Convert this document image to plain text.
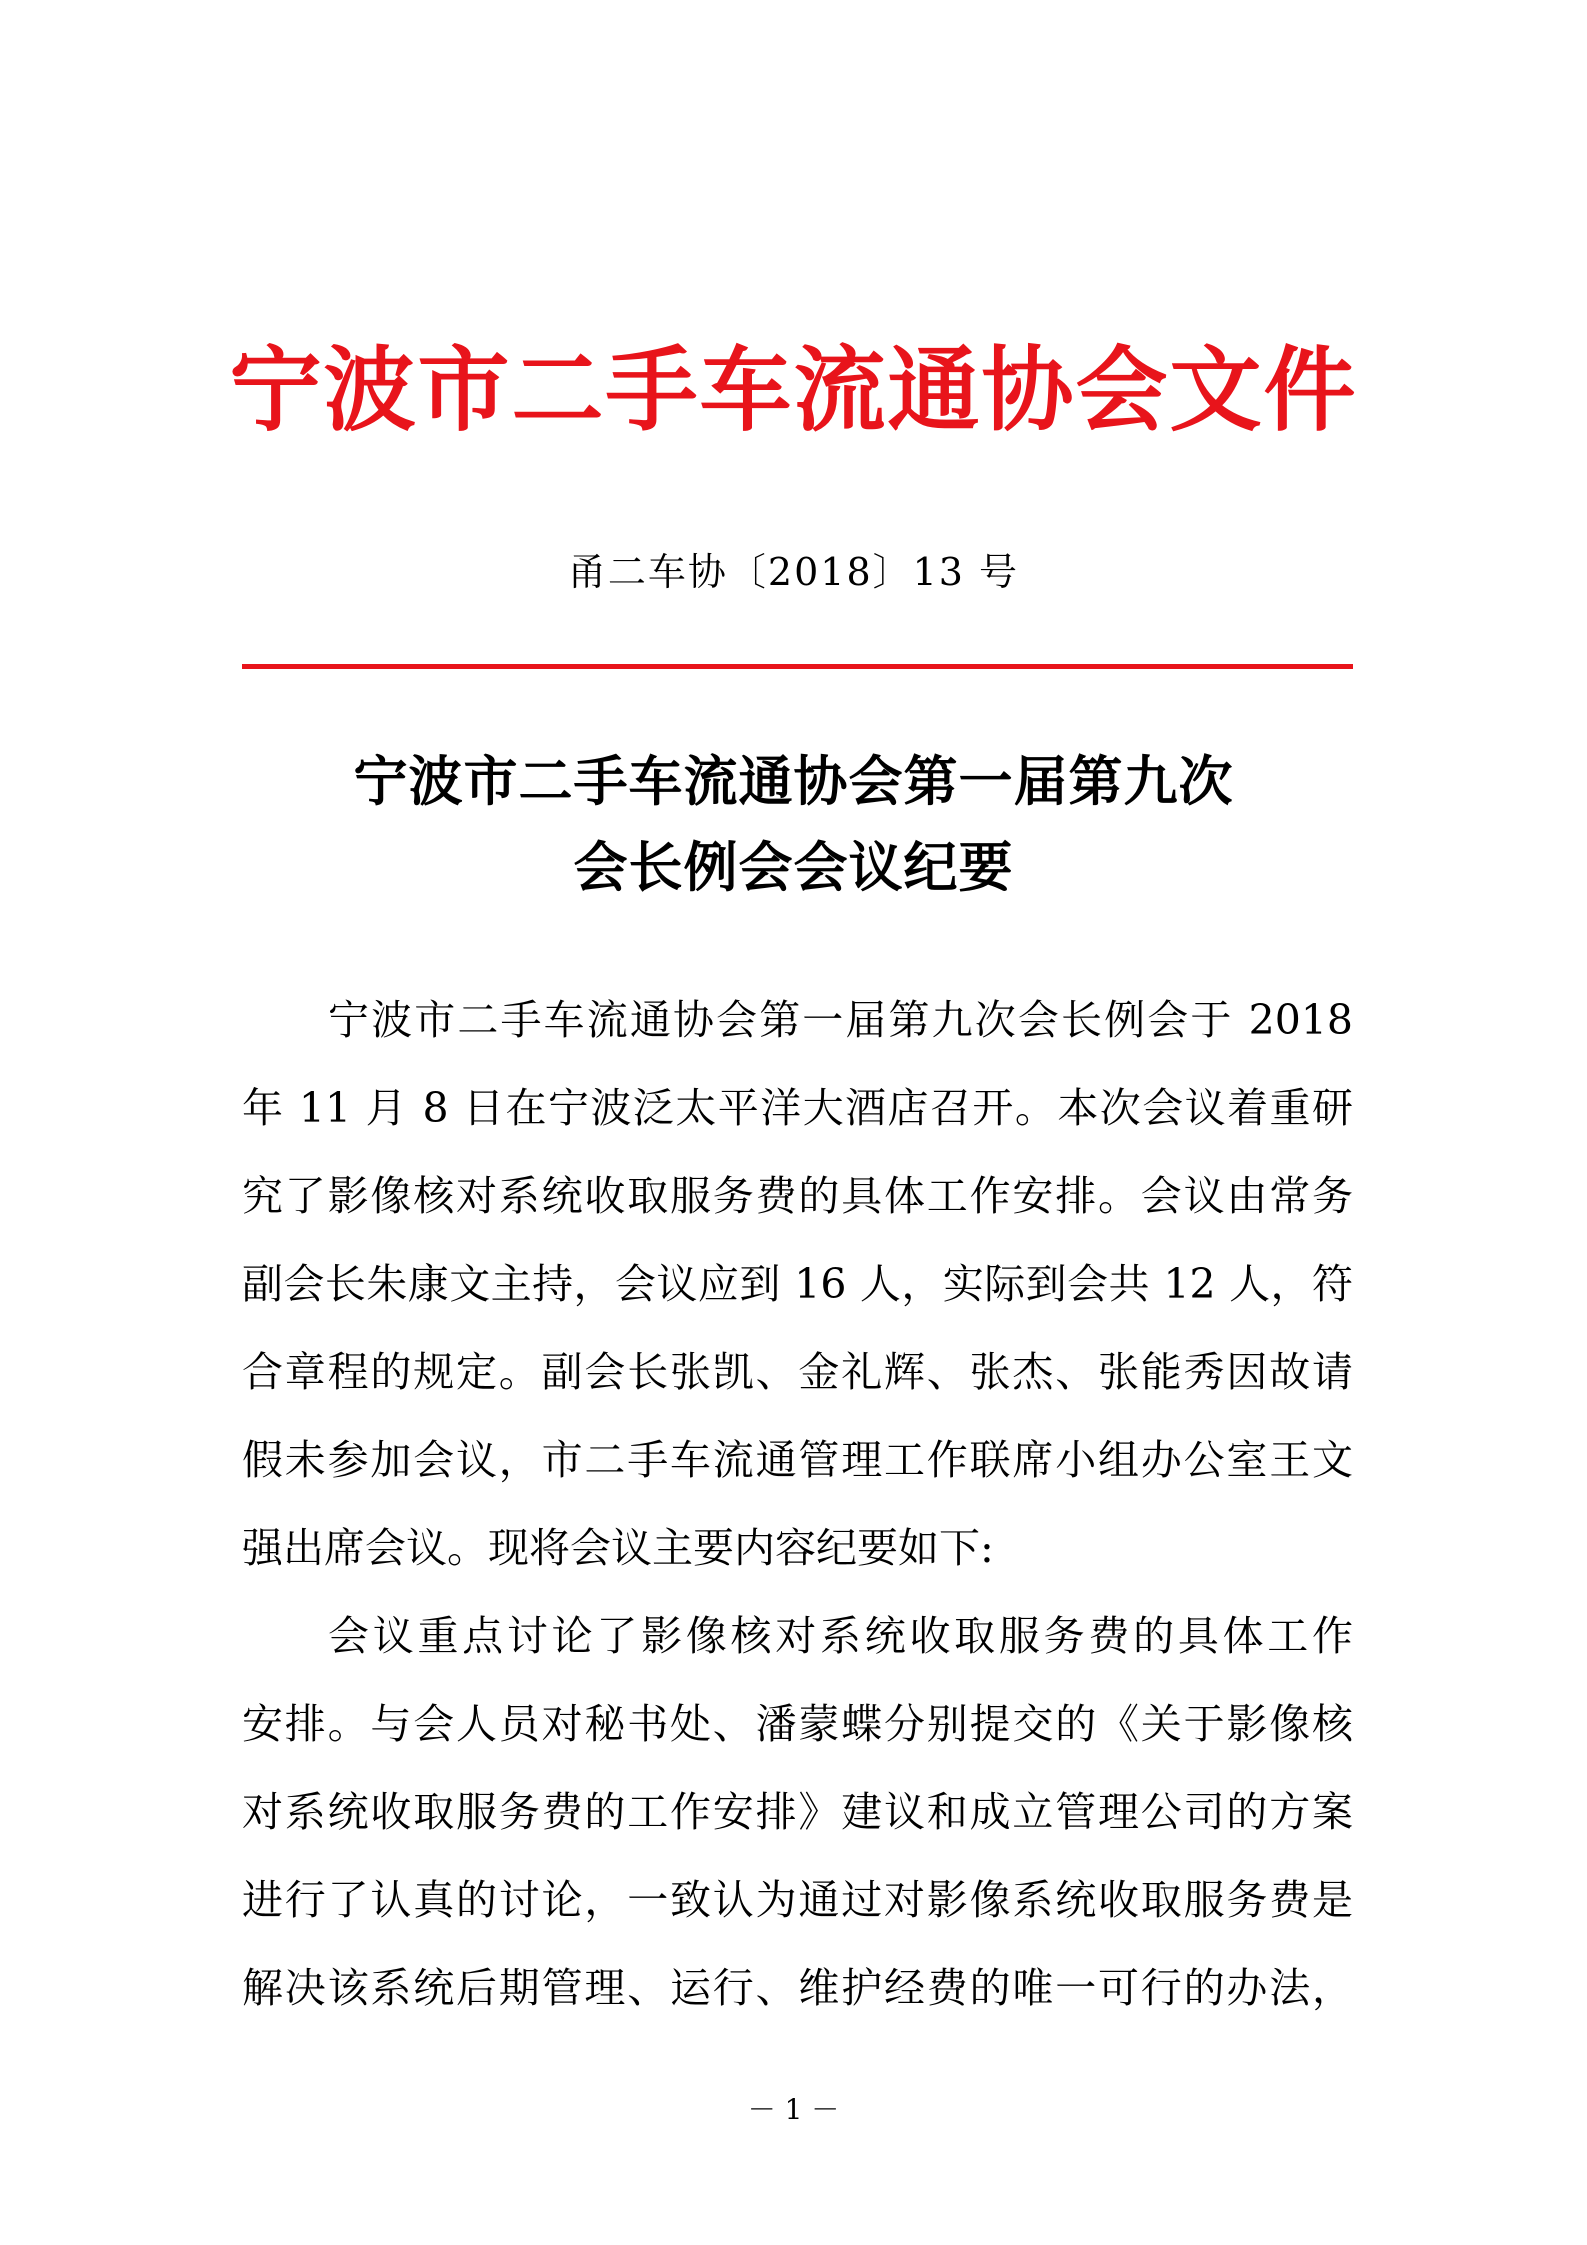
宁波市二手车流通协会文件
甬二车协〔2018〕13 号
宁波市二手车流通协会第一届第九次
会长例会会议纪要
宁波市二手车流通协会第一届第九次会长例会于 2018
年 11 月 8 日在宁波泛太平洋大酒店召开。本次会议着重研
究了影像核对系统收取服务费的具体工作安排。会议由常务
副会长朱康文主持，会议应到 16 人，实际到会共 12 人，符
合章程的规定。副会长张凯、金礼辉、张杰、张能秀因故请
假未参加会议，市二手车流通管理工作联席小组办公室王文
强出席会议。现将会议主要内容纪要如下:
会议重点讨论了影像核对系统收取服务费的具体工作
安排。与会人员对秘书处、潘蒙蝶分别提交的《关于影像核
对系统收取服务费的工作安排》建议和成立管理公司的方案
进行了认真的讨论，一致认为通过对影像系统收取服务费是
解决该系统后期管理、运行、维护经费的唯一可行的办法，
－ 1 －
